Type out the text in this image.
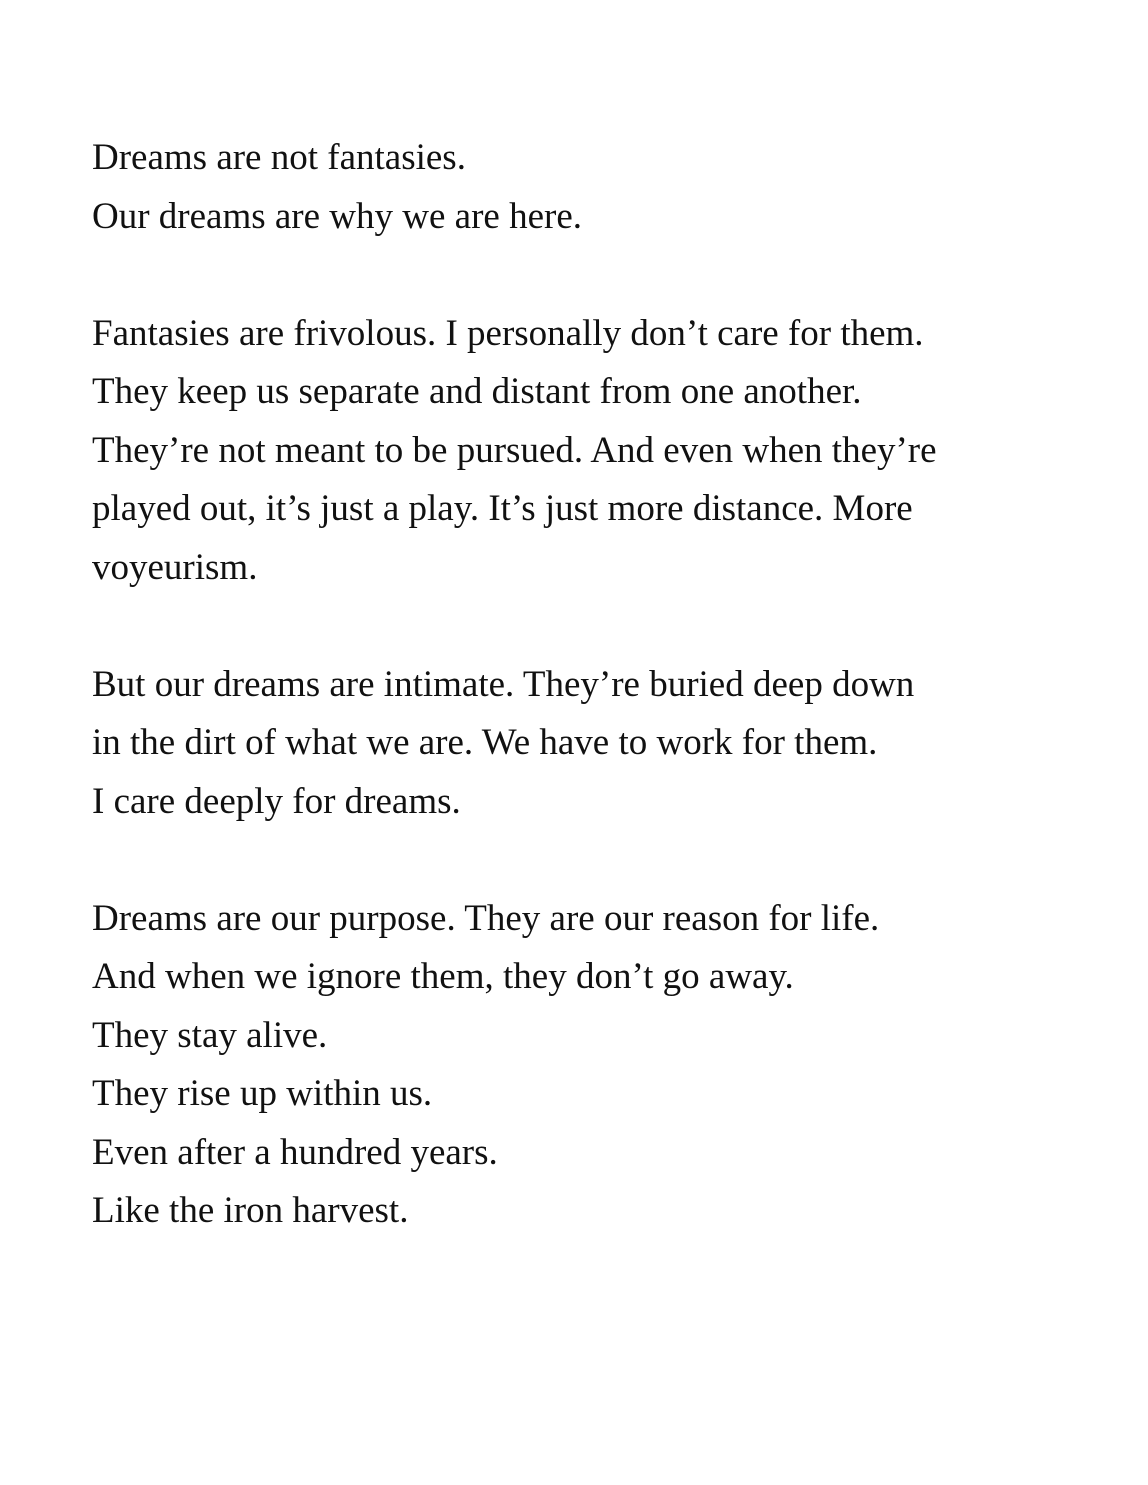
Dreams are not fantasies.
Our dreams are why we are here.

Fantasies are frivolous. I personally don’t care for them.
They keep us separate and distant from one another.
They’re not meant to be pursued. And even when they’re
played out, it’s just a play. It’s just more distance. More
voyeurism.

But our dreams are intimate. They’re buried deep down
in the dirt of what we are. We have to work for them.
I care deeply for dreams.

Dreams are our purpose. They are our reason for life.
And when we ignore them, they don’t go away.
They stay alive.
They rise up within us.
Even after a hundred years.
Like the iron harvest.
